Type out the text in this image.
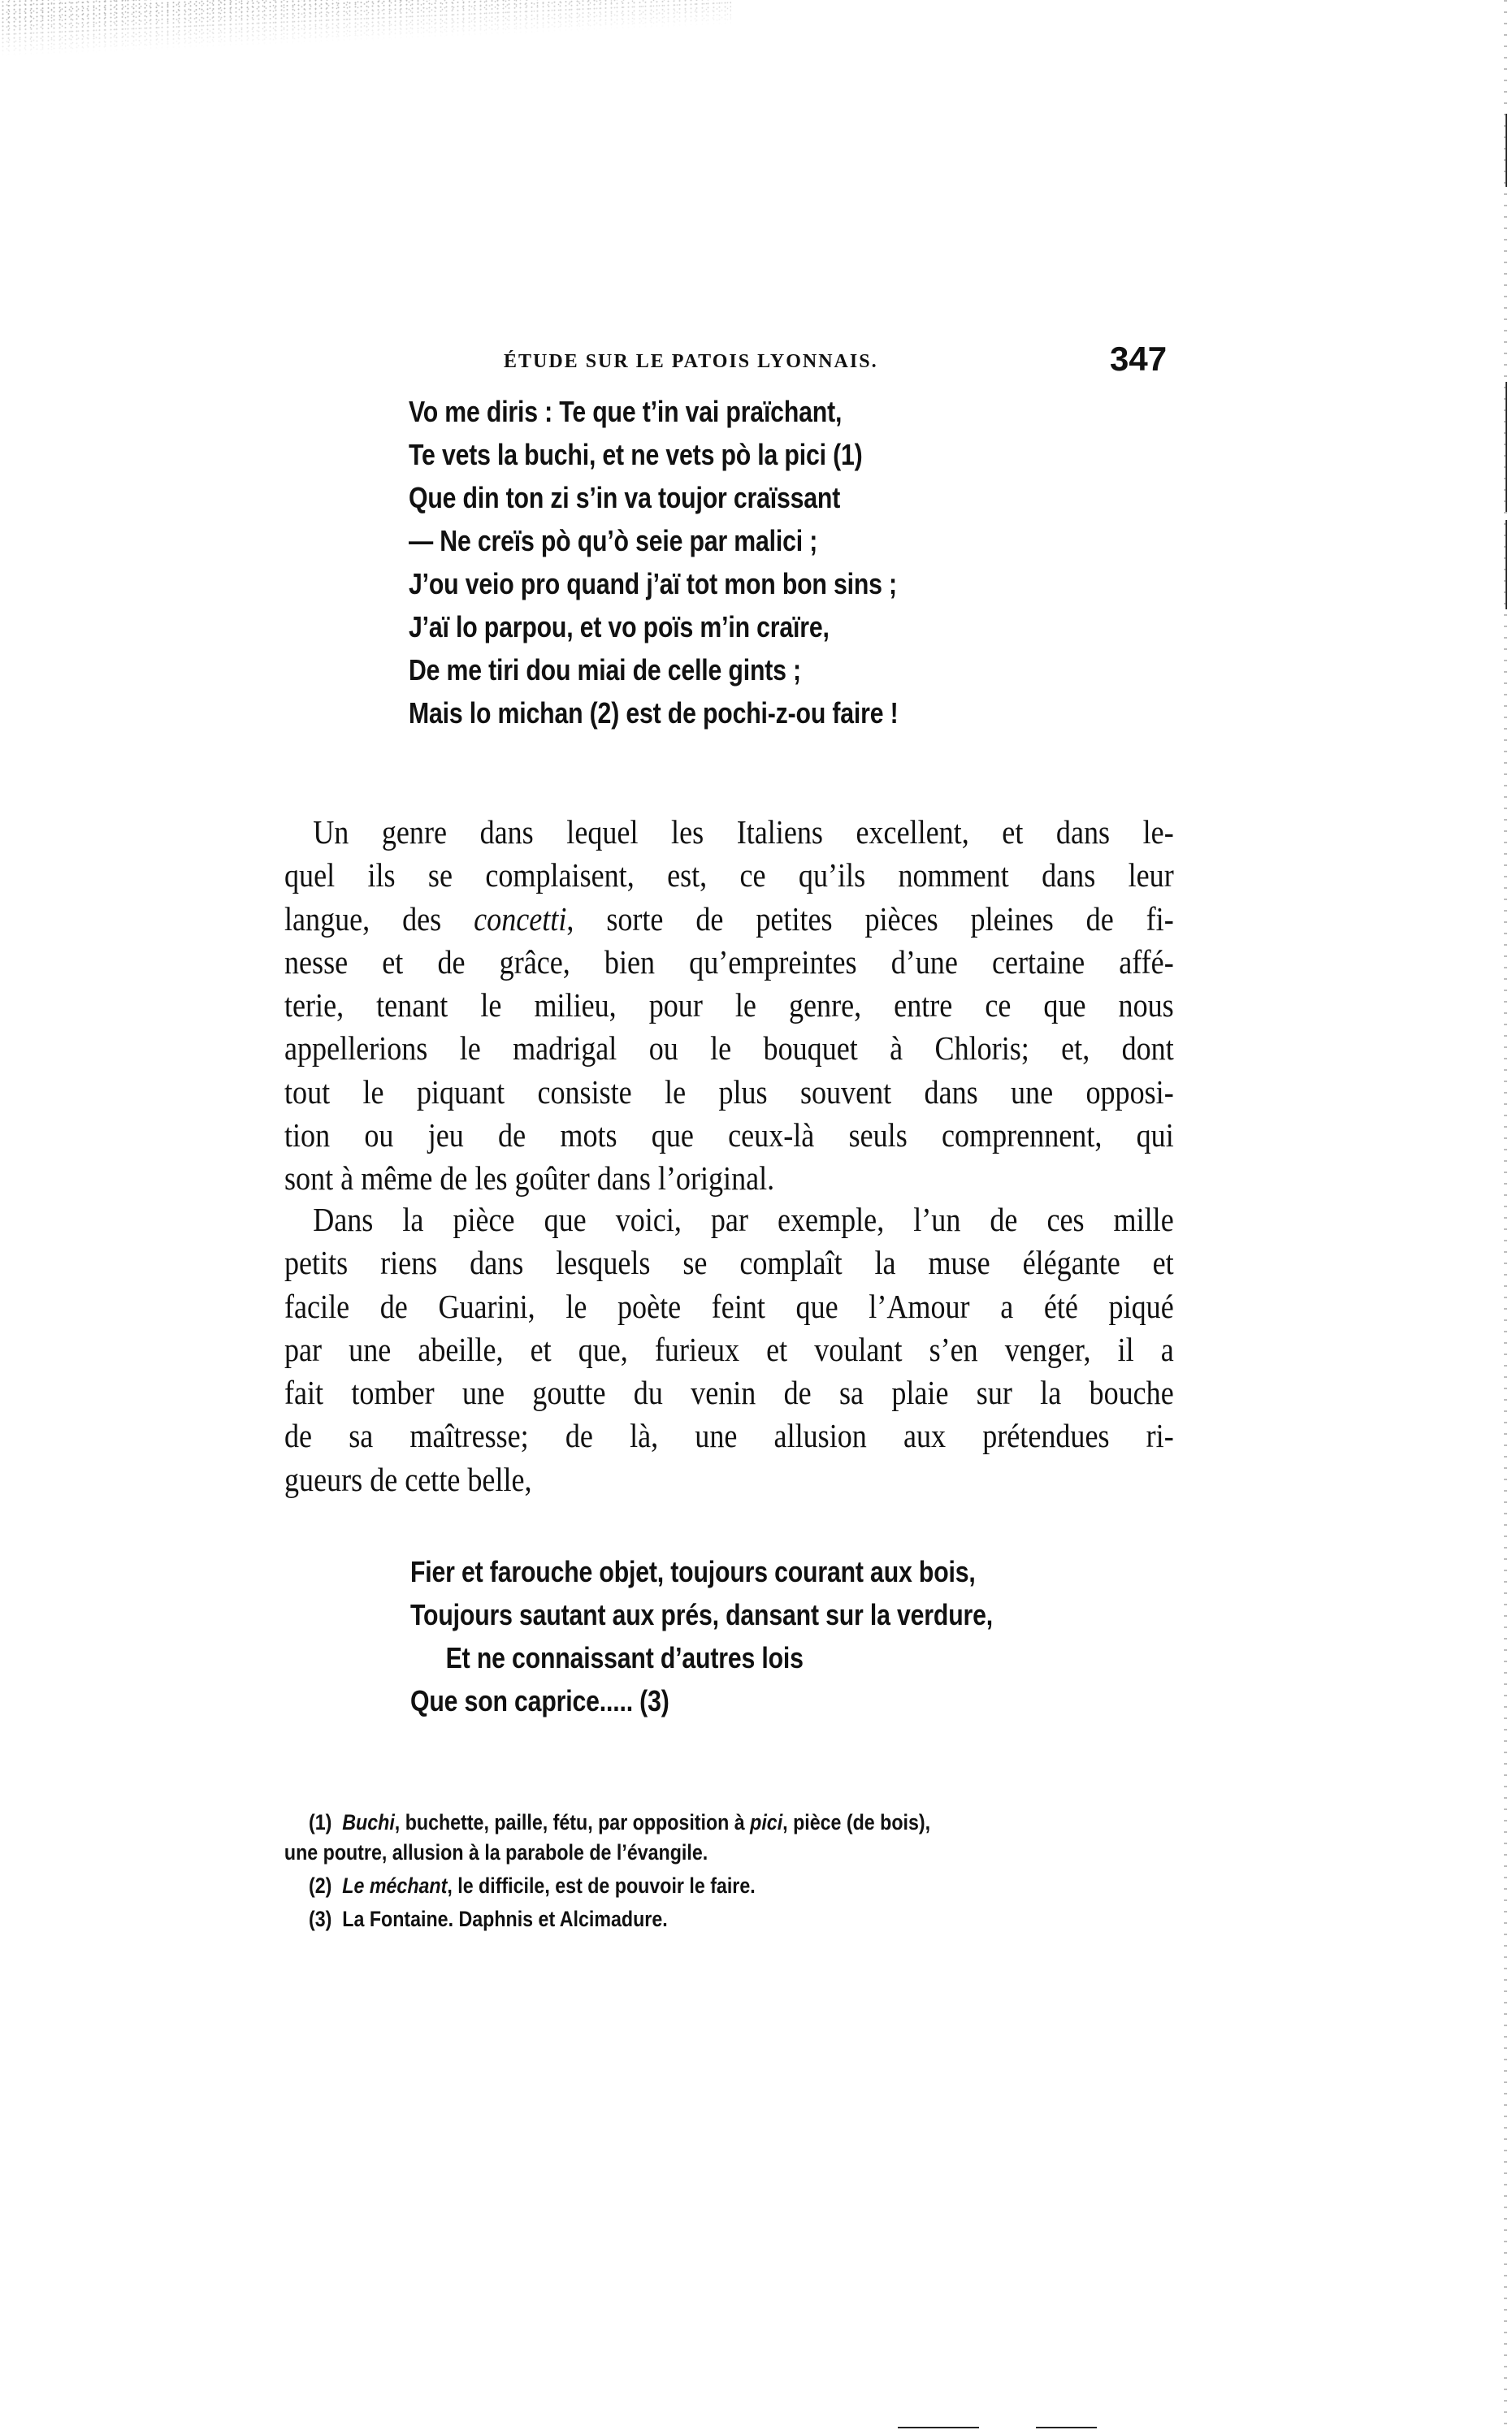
ÉTUDE SUR LE PATOIS LYONNAIS.	347
Vo me diris : Te que t’in vai praïchant,
Te vets la buchi, et ne vets pò la pici (1)
Que din ton zi s’in va toujor craïssant
— Ne creïs pò qu’ò seie par malici ;
J’ou veio pro quand j’aï tot mon bon sins ;
J’aï lo parpou, et vo poïs m’in craïre,
De me tiri dou miai de celle gints ;
Mais lo michan (2) est de pochi-z-ou faire !
Un genre dans lequel les Italiens excellent, et dans le-
quel ils se complaisent, est, ce qu’ils nomment dans leur
langue, des concetti, sorte de petites pièces pleines de fi-
nesse et de grâce, bien qu’empreintes d’une certaine affé-
terie, tenant le milieu, pour le genre, entre ce que nous
appellerions le madrigal ou le bouquet à Chloris; et, dont
tout le piquant consiste le plus souvent dans une opposi-
tion ou jeu de mots que ceux-là seuls comprennent, qui
sont à même de les goûter dans l’original.
Dans la pièce que voici, par exemple, l’un de ces mille
petits riens dans lesquels se complaît la muse élégante et
facile de Guarini, le poète feint que l’Amour a été piqué
par une abeille, et que, furieux et voulant s’en venger, il a
fait tomber une goutte du venin de sa plaie sur la bouche
de sa maîtresse; de là, une allusion aux prétendues ri-
gueurs de cette belle,
Fier et farouche objet, toujours courant aux bois,
Toujours sautant aux prés, dansant sur la verdure,
Et ne connaissant d’autres lois
Que son caprice..... (3)
(1) Buchi, buchette, paille, fétu, par opposition à pici, pièce (de bois),
une poutre, allusion à la parabole de l’évangile.
(2) Le méchant, le difficile, est de pouvoir le faire.
(3) La Fontaine. Daphnis et Alcimadure.
